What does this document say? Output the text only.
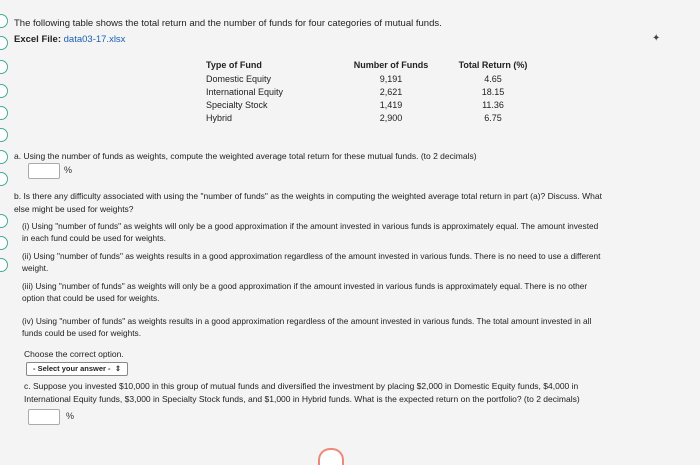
The following table shows the total return and the number of funds for four categories of mutual funds.
Excel File: data03-17.xlsx	✦
Type of Fund	Number of Funds	Total Return (%)
Domestic Equity	9,191	4.65
International Equity	2,621	18.15
Specialty Stock	1,419	11.36
Hybrid	2,900	6.75
a. Using the number of funds as weights, compute the weighted average total return for these mutual funds. (to 2 decimals)
%
b. Is there any difficulty associated with using the "number of funds" as the weights in computing the weighted average total return in part (a)? Discuss. What
else might be used for weights?
(i) Using "number of funds" as weights will only be a good approximation if the amount invested in various funds is approximately equal. The amount invested
in each fund could be used for weights.
(ii) Using "number of funds" as weights results in a good approximation regardless of the amount invested in various funds. There is no need to use a different
weight.
(iii) Using "number of funds" as weights will only be a good approximation if the amount invested in various funds is approximately equal. There is no other
option that could be used for weights.
(iv) Using "number of funds" as weights results in a good approximation regardless of the amount invested in various funds. The total amount invested in all
funds could be used for weights.
Choose the correct option.
- Select your answer -  ⇕
c. Suppose you invested $10,000 in this group of mutual funds and diversified the investment by placing $2,000 in Domestic Equity funds, $4,000 in
International Equity funds, $3,000 in Specialty Stock funds, and $1,000 in Hybrid funds. What is the expected return on the portfolio? (to 2 decimals)
%
